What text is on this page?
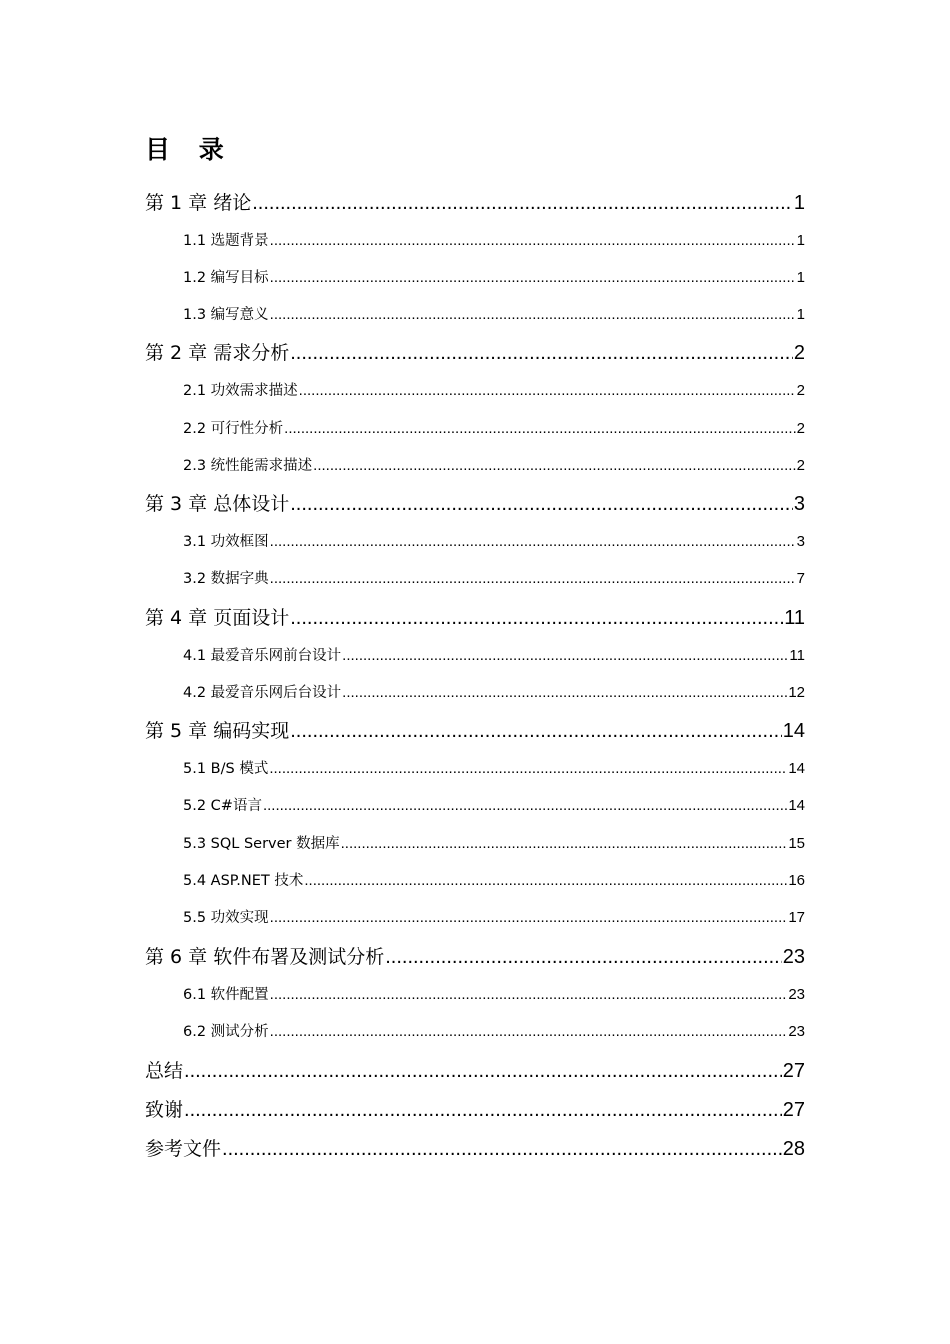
目 录
第 1 章 绪论 .....	1
1.1 选题背景 .....	1
1.2 编写目标 .....	1
1.3 编写意义 .....	1
第 2 章 需求分析 .....	2
2.1 功效需求描述 .....	2
2.2 可行性分析 .....	2
2.3 统性能需求描述 .....	2
第 3 章 总体设计 .....	3
3.1 功效框图 .....	3
3.2 数据字典 .....	7
第 4 章 页面设计 .....	11
4.1 最爱音乐网前台设计 .....	11
4.2 最爱音乐网后台设计 .....	12
第 5 章 编码实现 .....	14
5.1 B/S 模式 .....	14
5.2 C#语言 .....	14
5.3 SQL Server 数据库 .....	15
5.4 ASP.NET 技术 .....	16
5.5 功效实现 .....	17
第 6 章 软件布署及测试分析 .....	23
6.1 软件配置 .....	23
6.2 测试分析 .....	23
总结 .....	27
致谢 .....	27
参考文件 .....	28
